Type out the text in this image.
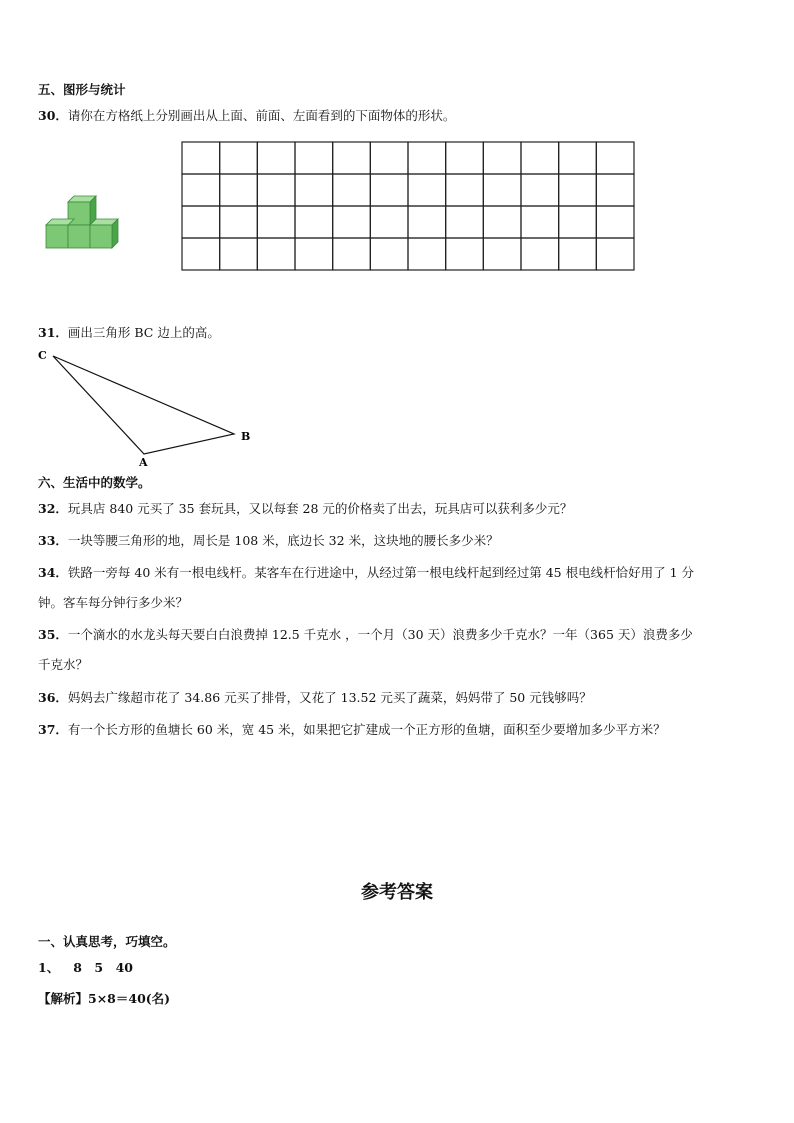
五、图形与统计
30．请你在方格纸上分别画出从上面、前面、左面看到的下面物体的形状。
31．画出三角形 BC 边上的高。
C
B
A
六、生活中的数学。
32．玩具店 840 元买了 35 套玩具，又以每套 28 元的价格卖了出去，玩具店可以获利多少元？
33．一块等腰三角形的地，周长是 108 米，底边长 32 米，这块地的腰长多少米？
34．铁路一旁每 40 米有一根电线杆。某客车在行进途中，从经过第一根电线杆起到经过第 45 根电线杆恰好用了 1 分
钟。客车每分钟行多少米？
35．一个滴水的水龙头每天要白白浪费掉 12.5 千克水 ，一个月（30 天）浪费多少千克水？一年（365 天）浪费多少
千克水？
36．妈妈去广缘超市花了 34.86 元买了排骨，又花了 13.52 元买了蔬菜，妈妈带了 50 元钱够吗？
37．有一个长方形的鱼塘长 60 米，宽 45 米，如果把它扩建成一个正方形的鱼塘，面积至少要增加多少平方米？
参考答案
一、认真思考，巧填空。
1、 8　5　40
【解析】5×8＝40(名)
